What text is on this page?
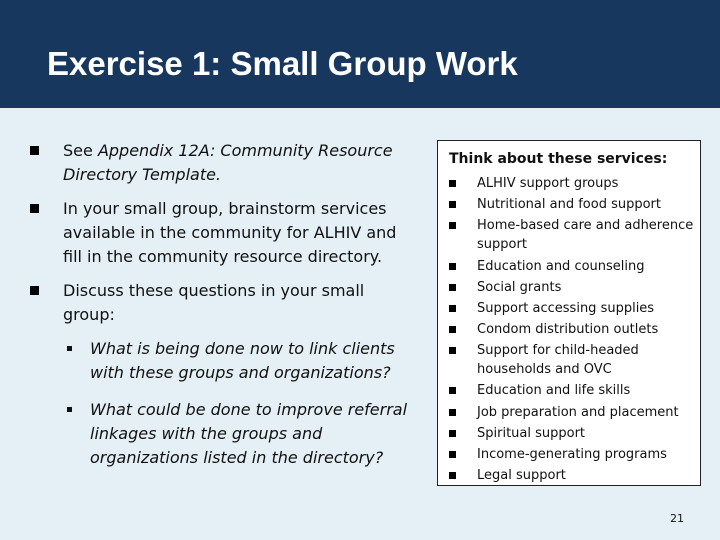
Exercise 1: Small Group Work
See Appendix 12A: Community Resource Directory Template.
In your small group, brainstorm services available in the community for ALHIV and fill in the community resource directory.
Discuss these questions in your small group:
What is being done now to link clients with these groups and organizations?
What could be done to improve referral linkages with the groups and organizations listed in the directory?
Think about these services:
ALHIV support groups
Nutritional and food support
Home-based care and adherence support
Education and counseling
Social grants
Support accessing supplies
Condom distribution outlets
Support for child-headed households and OVC
Education and life skills
Job preparation and placement
Spiritual support
Income-generating programs
Legal support
21
